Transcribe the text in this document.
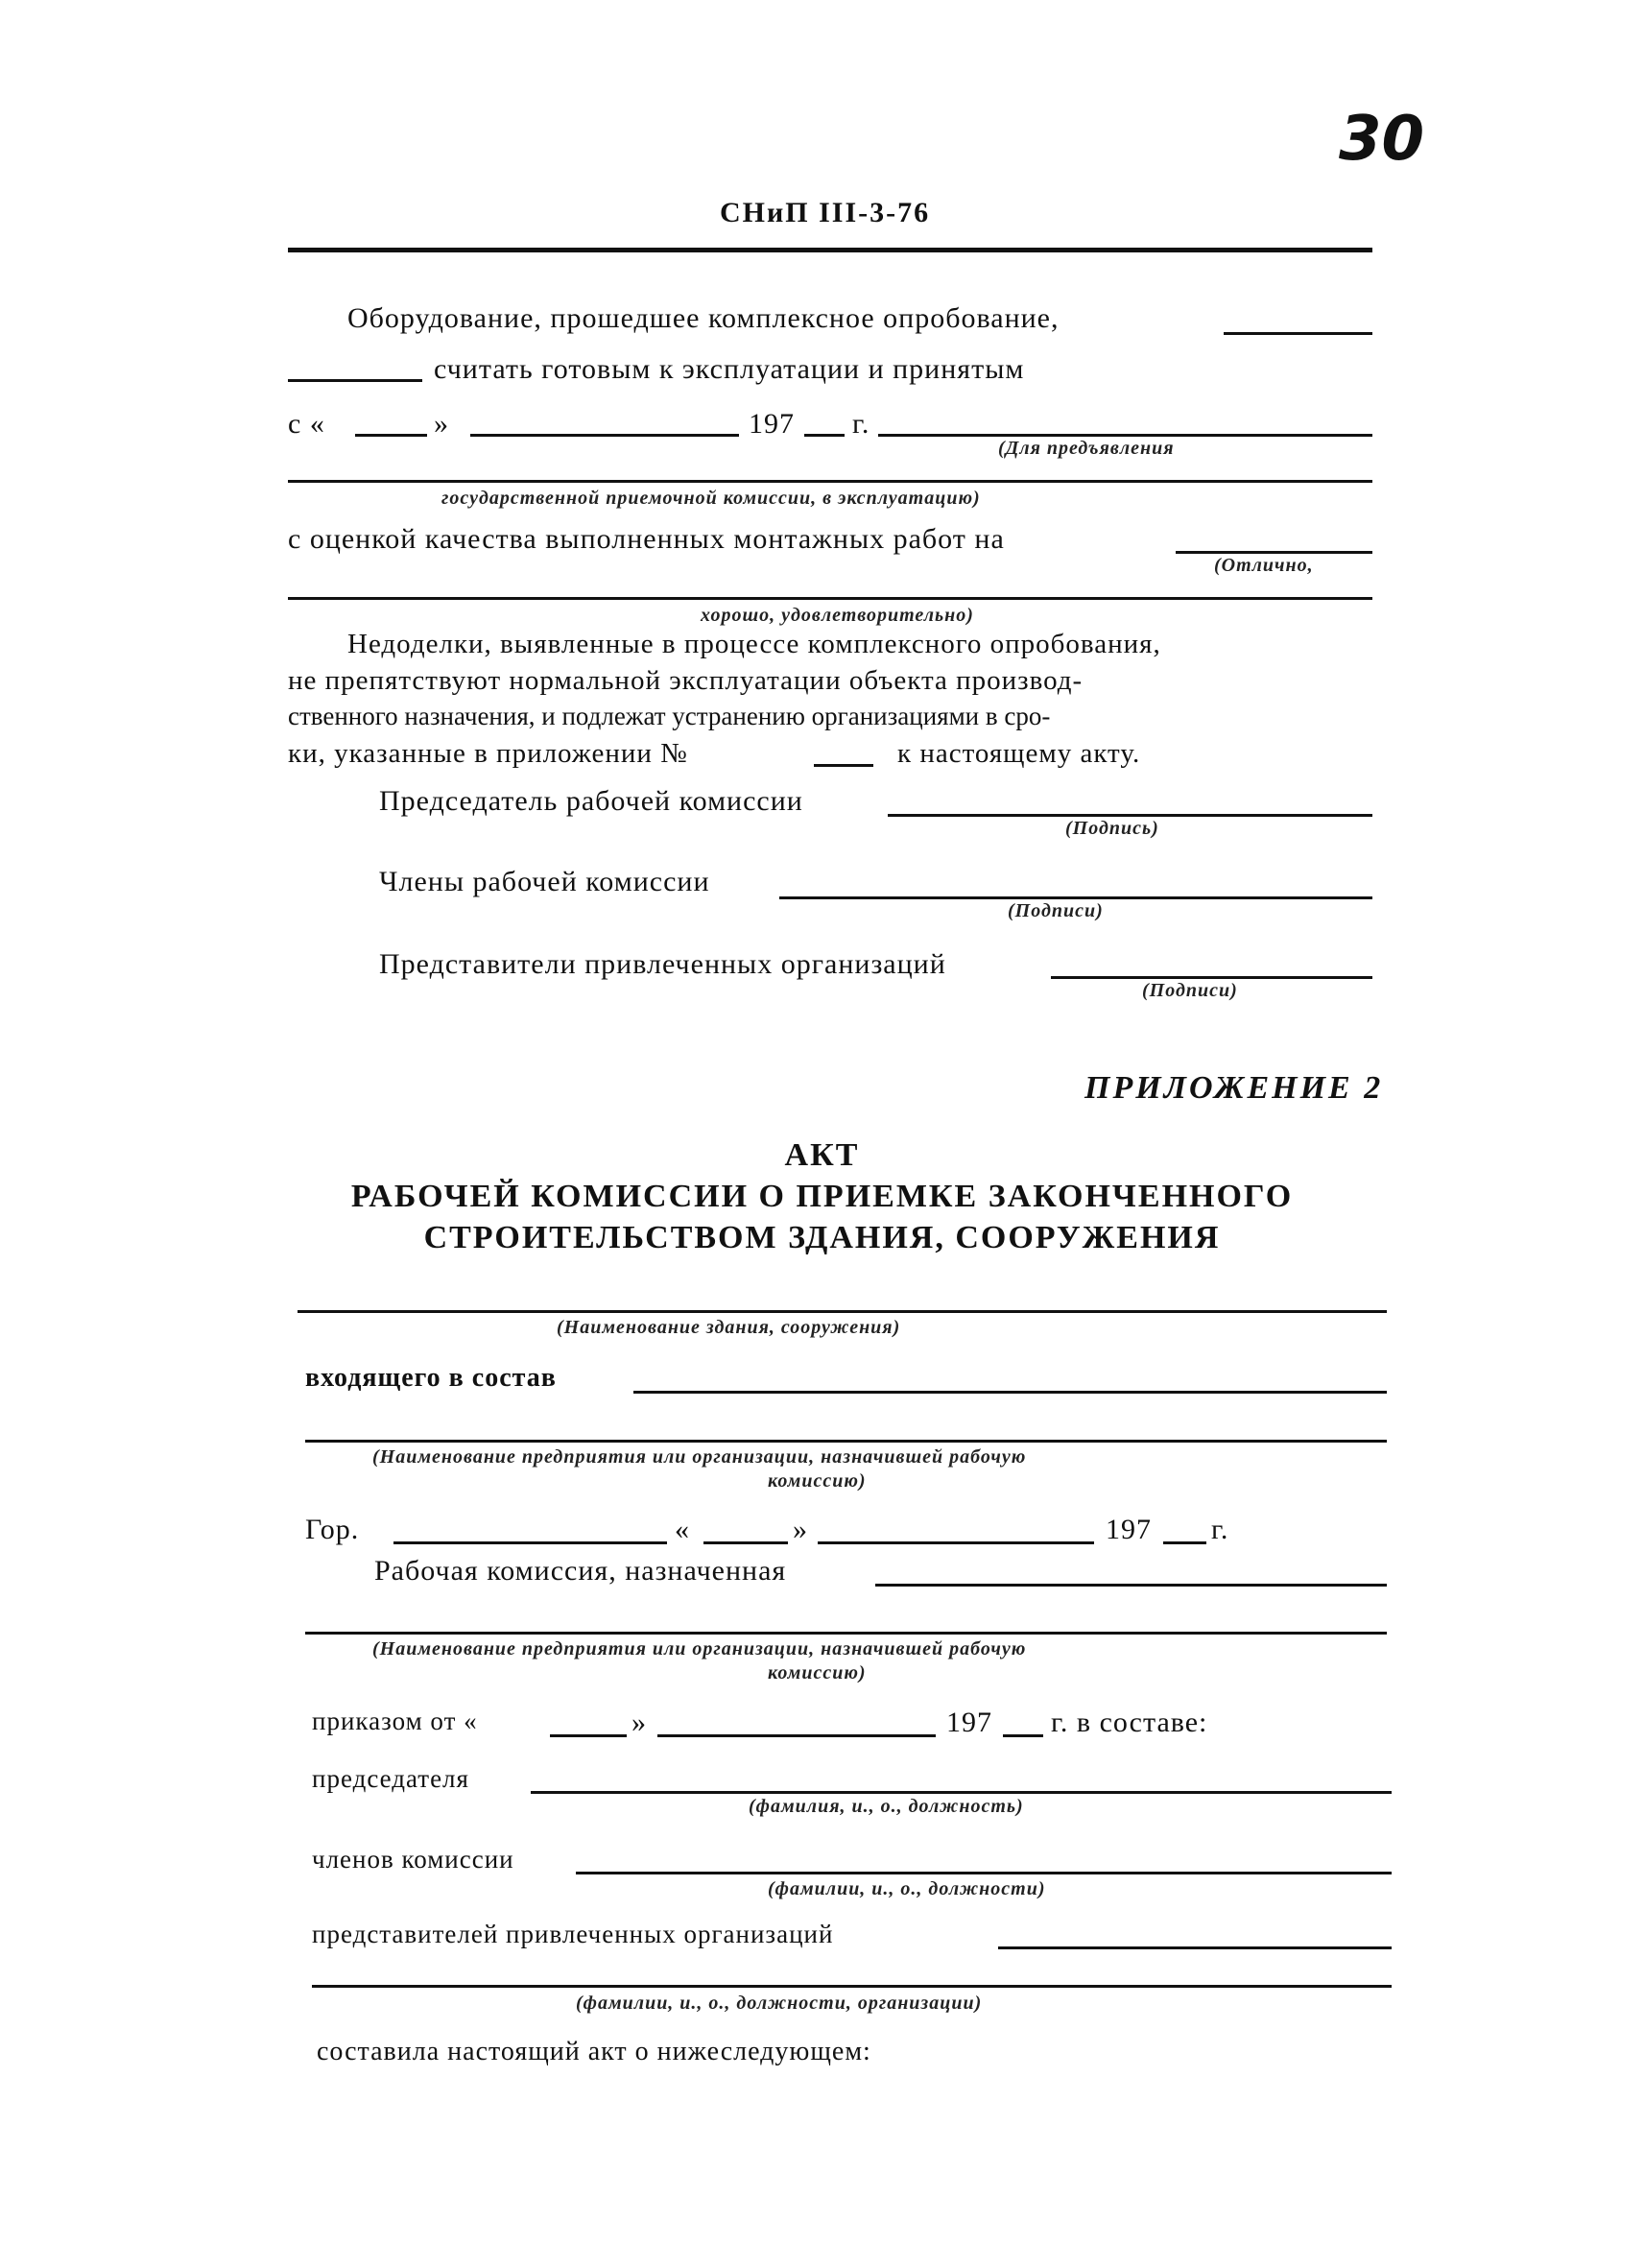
30
СНиП III-3-76
Оборудование, прошедшее комплексное опробование,
считать готовым к эксплуатации и принятым
с «	»	197 г.
(Для предъявления
государственной приемочной комиссии, в эксплуатацию)
с оценкой качества выполненных монтажных работ на
(Отлично,
хорошо, удовлетворительно)
Недоделки, выявленные в процессе комплексного опробования,
не препятствуют нормальной эксплуатации объекта производ-
ственного назначения, и подлежат устранению организациями в сро-
ки, указанные в приложении №	к настоящему акту.
Председатель рабочей комиссии
(Подпись)
Члены рабочей комиссии
(Подписи)
Представители привлеченных организаций
(Подписи)
ПРИЛОЖЕНИЕ 2
АКТ
РАБОЧЕЙ КОМИССИИ О ПРИЕМКЕ ЗАКОНЧЕННОГО
СТРОИТЕЛЬСТВОМ ЗДАНИЯ, СООРУЖЕНИЯ
(Наименование здания, сооружения)
входящего в состав
(Наименование предприятия или организации, назначившей рабочую
комиссию)
Гор.	«	»	197 г.
Рабочая комиссия, назначенная
(Наименование предприятия или организации, назначившей рабочую
комиссию)
приказом от «	»	197 г. в составе:
председателя
(фамилия, и., о., должность)
членов комиссии
(фамилии, и., о., должности)
представителей привлеченных организаций
(фамилии, и., о., должности, организации)
составила настоящий акт о нижеследующем:
